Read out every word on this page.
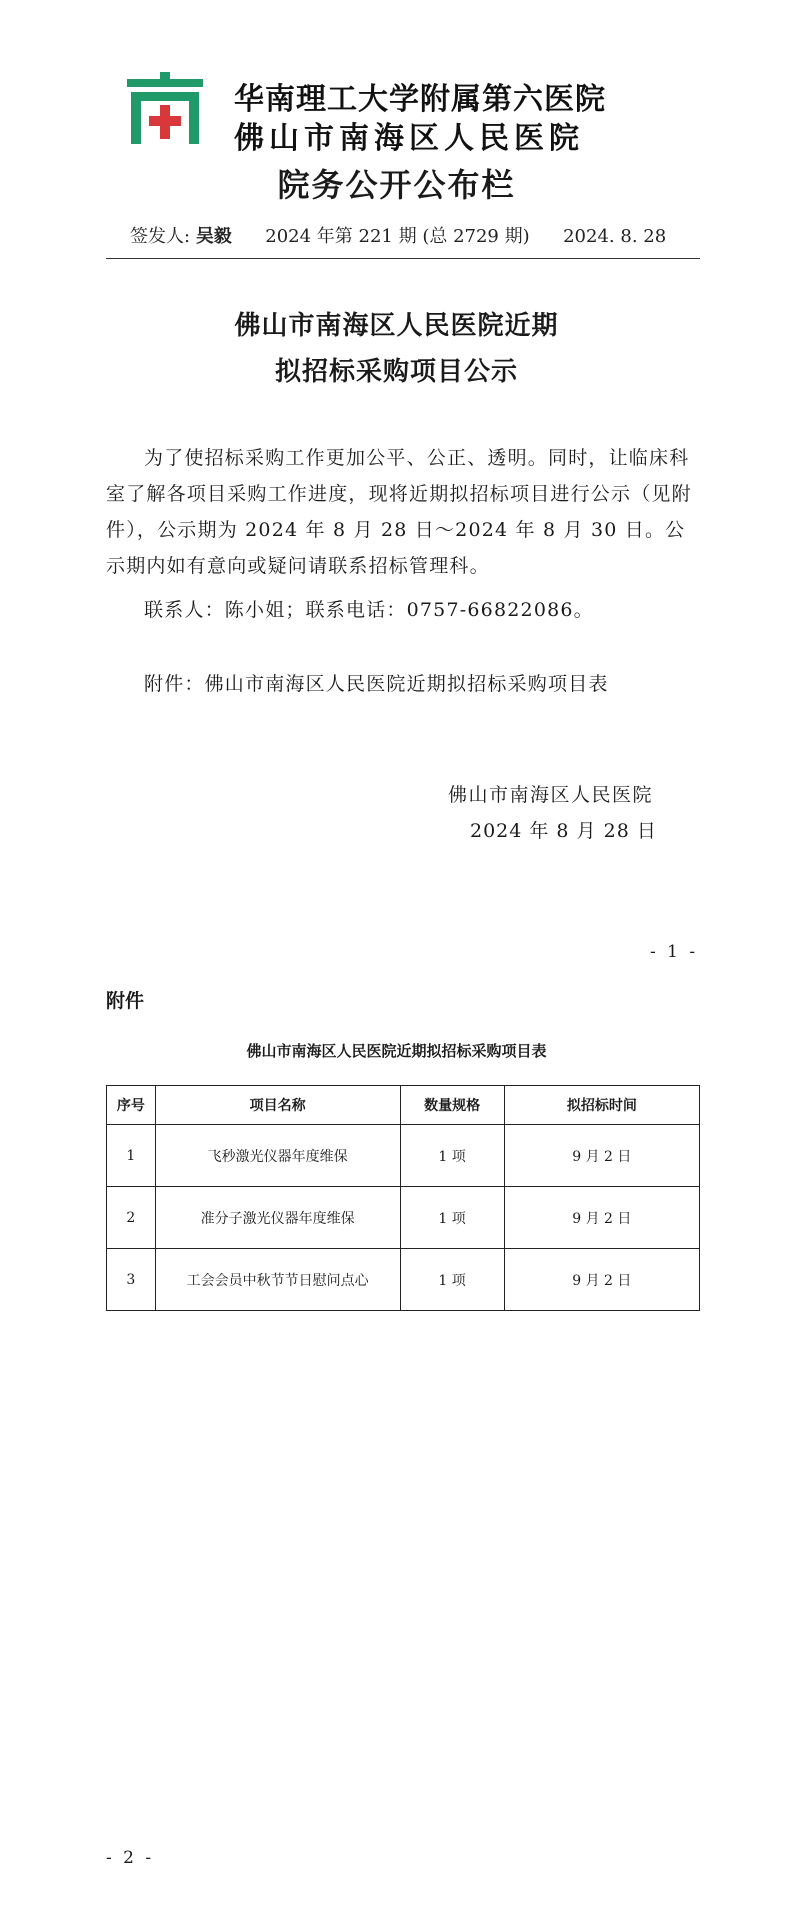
华南理工大学附属第六医院
佛山市南海区人民医院
院务公开公布栏
签发人: 吴毅 2024 年第 221 期 (总 2729 期) 2024. 8. 28
佛山市南海区人民医院近期
拟招标采购项目公示
为了使招标采购工作更加公平、公正、透明。同时，让临床科室了解各项目采购工作进度，现将近期拟招标项目进行公示（见附件），公示期为 2024 年 8 月 28 日～2024 年 8 月 30 日。公示期内如有意向或疑问请联系招标管理科。
联系人：陈小姐；联系电话：0757-66822086。
附件：佛山市南海区人民医院近期拟招标采购项目表
佛山市南海区人民医院
2024 年 8 月 28 日
- 1 -
附件
佛山市南海区人民医院近期拟招标采购项目表
序号	项目名称	数量规格	拟招标时间
1	飞秒激光仪器年度维保	1 项	9 月 2 日
2	准分子激光仪器年度维保	1 项	9 月 2 日
3	工会会员中秋节节日慰问点心	1 项	9 月 2 日
- 2 -
